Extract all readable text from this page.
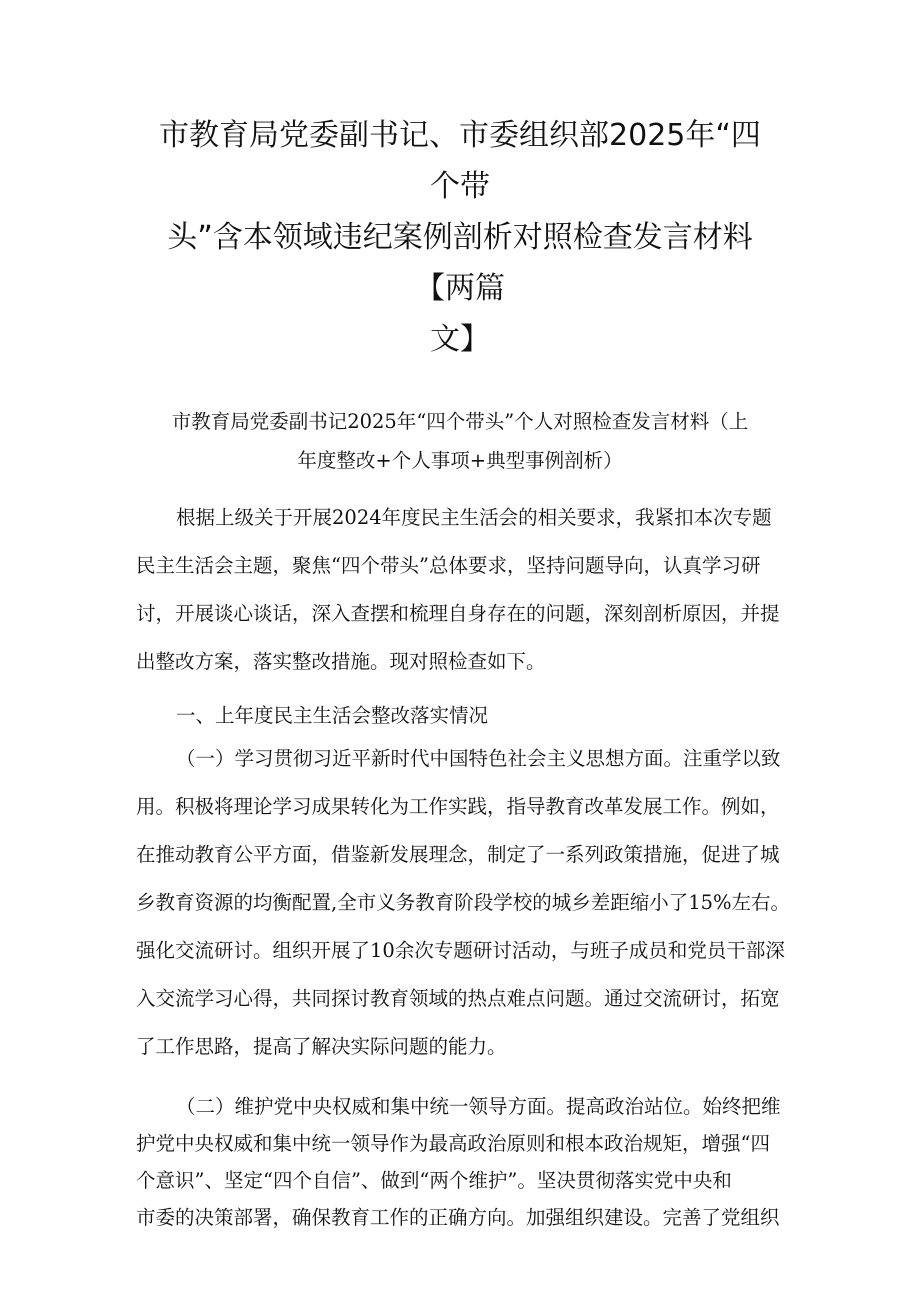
市教育局党委副书记、市委组织部2025年“四个带
头”含本领域违纪案例剖析对照检查发言材料【两篇
文】
市教育局党委副书记2025年“四个带头”个人对照检查发言材料（上
年度整改+个人事项+典型事例剖析）
根据上级关于开展2024年度民主生活会的相关要求，我紧扣本次专题
民主生活会主题，聚焦“四个带头”总体要求，坚持问题导向，认真学习研
讨，开展谈心谈话，深入查摆和梳理自身存在的问题，深刻剖析原因，并提
出整改方案，落实整改措施。现对照检查如下。
一、上年度民主生活会整改落实情况
（一）学习贯彻习近平新时代中国特色社会主义思想方面。注重学以致
用。积极将理论学习成果转化为工作实践，指导教育改革发展工作。例如，
在推动教育公平方面，借鉴新发展理念，制定了一系列政策措施，促进了城
乡教育资源的均衡配置,全市义务教育阶段学校的城乡差距缩小了15%左右。
强化交流研讨。组织开展了10余次专题研讨活动，与班子成员和党员干部深
入交流学习心得，共同探讨教育领域的热点难点问题。通过交流研讨，拓宽
了工作思路，提高了解决实际问题的能力。
（二）维护党中央权威和集中统一领导方面。提高政治站位。始终把维
护党中央权威和集中统一领导作为最高政治原则和根本政治规矩，增强“四
个意识”、坚定“四个自信”、做到“两个维护”。坚决贯彻落实党中央和
市委的决策部署，确保教育工作的正确方向。加强组织建设。完善了党组织
